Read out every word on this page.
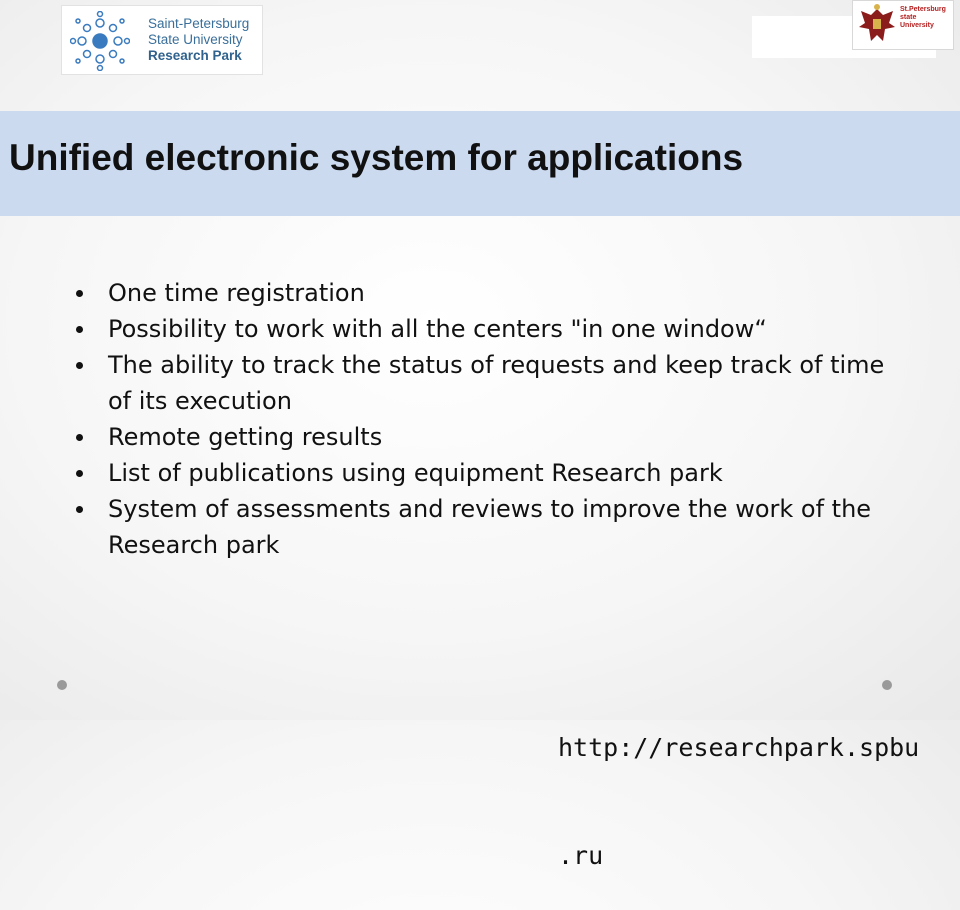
Saint-Petersburg
State University
Research Park
St.Petersburg
state
University
Unified electronic system for applications
One time registration
Possibility to work with all the centers "in one window“
The ability to track the status of requests and keep track of time of its execution
Remote getting results
List of publications using equipment Research park
System of assessments and reviews to improve the work of the Research park

http://researchpark.spbu

.ru
